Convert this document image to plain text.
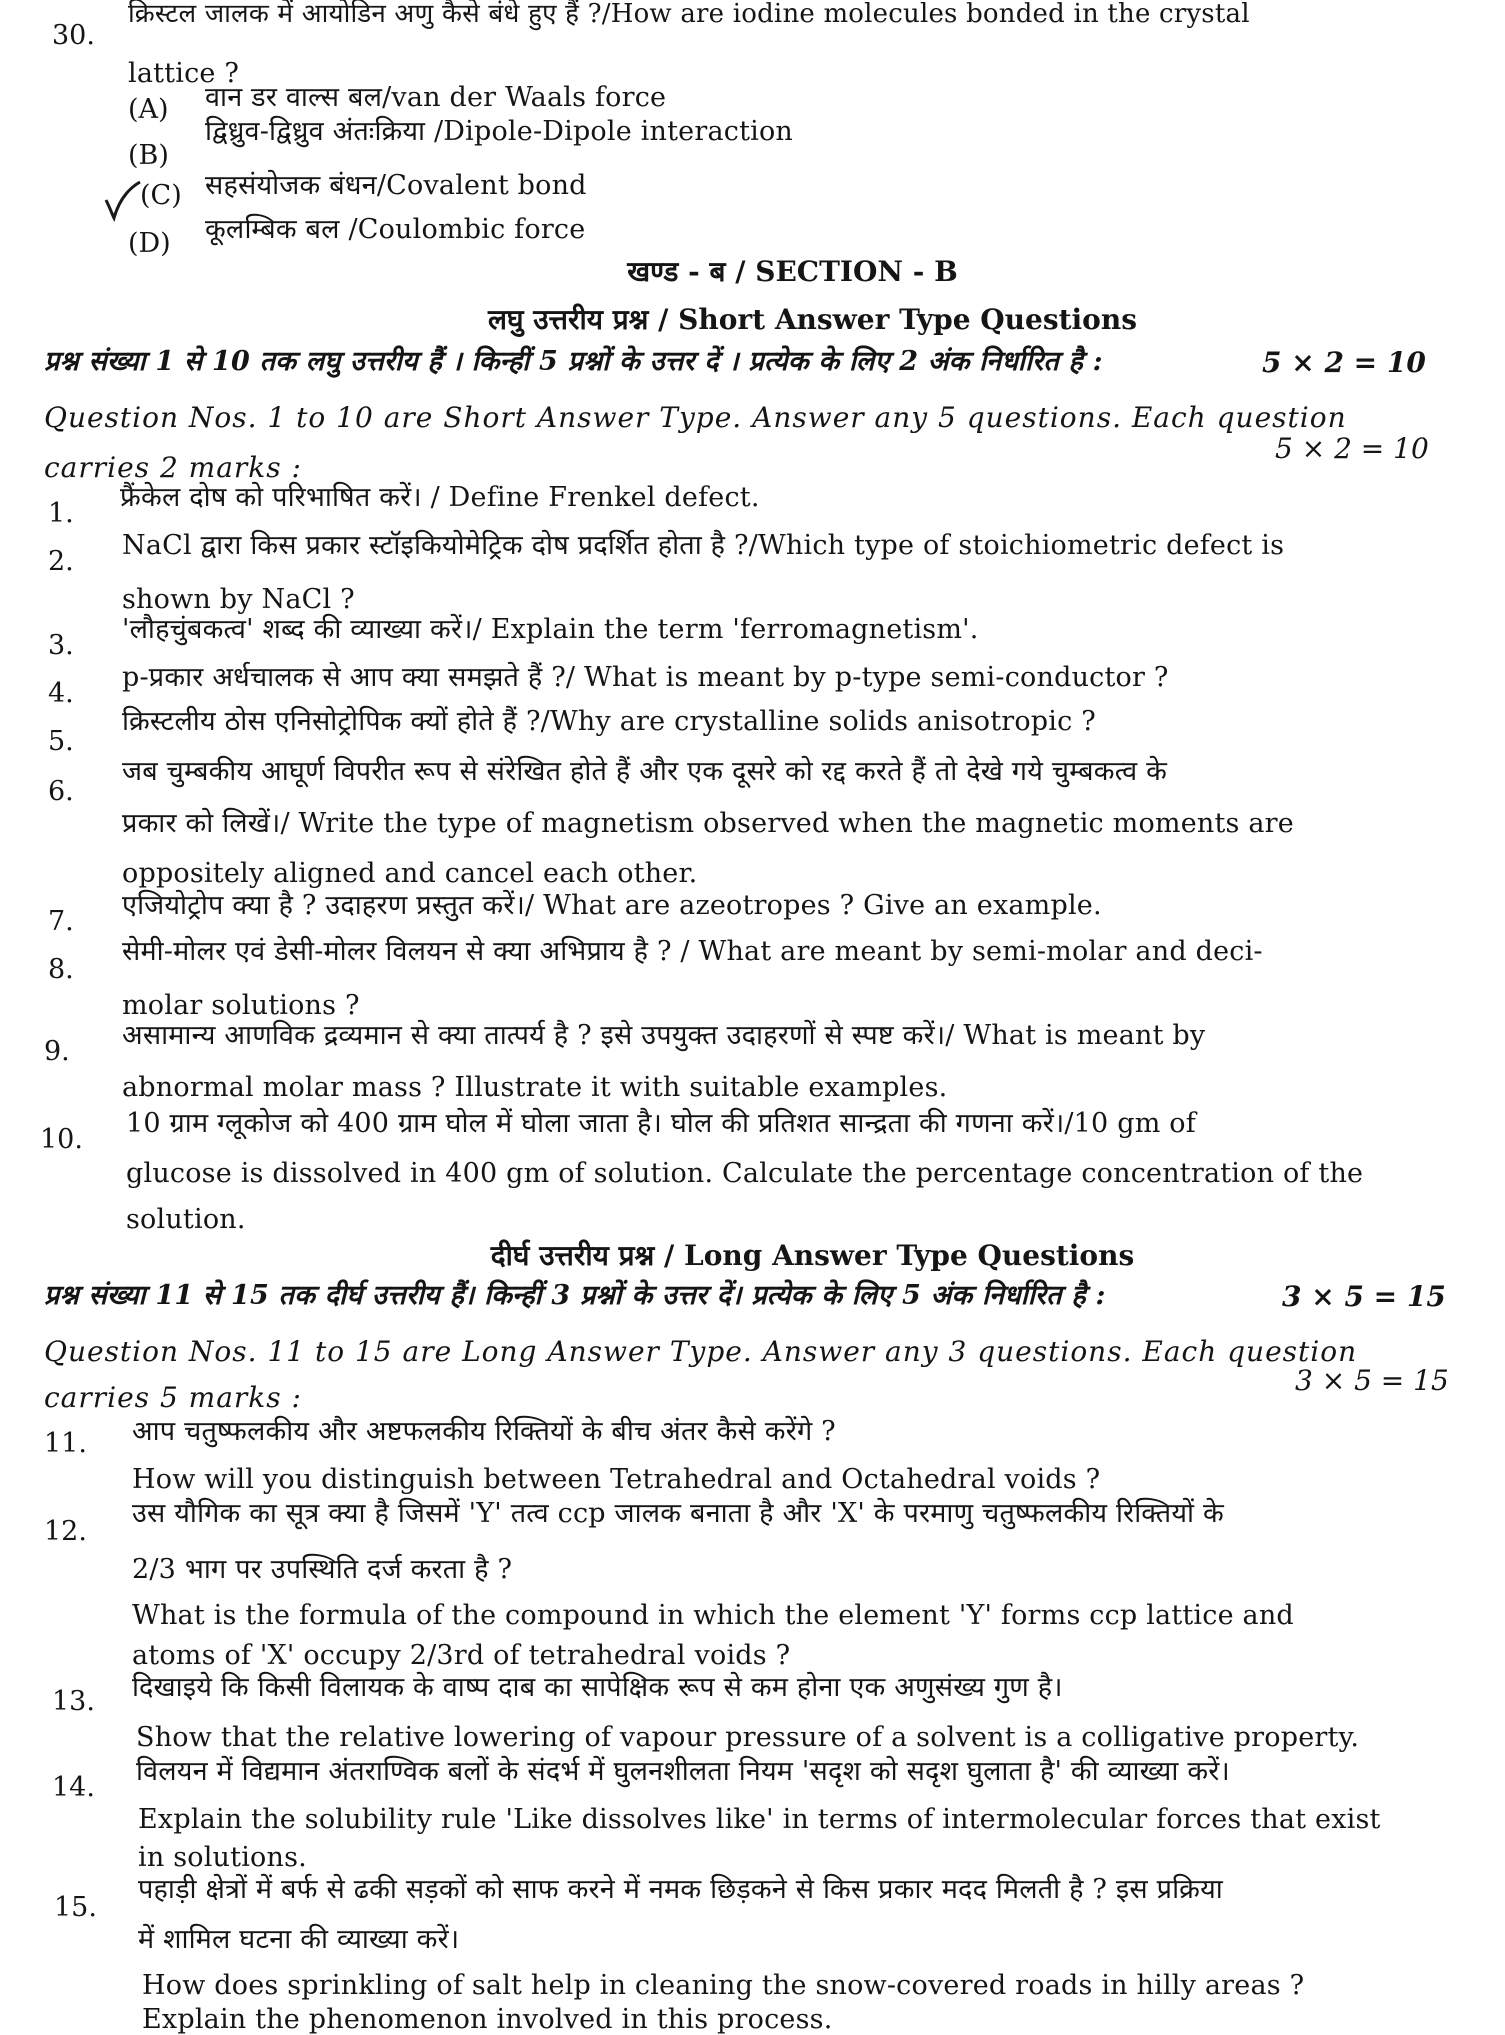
30.
क्रिस्टल जालक में आयोडिन अणु कैसे बंधे हुए हैं ?/How are iodine molecules bonded in the crystal
lattice ?
(A) वान डर वाल्स बल/van der Waals force
(B)
द्विध्रुव-द्विध्रुव अंतःक्रिया /Dipole-Dipole interaction
(C) सहसंयोजक बंधन/Covalent bond
(D) कूलम्बिक बल /Coulombic force
खण्ड - ब / SECTION - B
लघु उत्तरीय प्रश्न / Short Answer Type Questions
प्रश्न संख्या 1 से 10 तक लघु उत्तरीय हैं । किन्हीं 5 प्रश्नों के उत्तर दें । प्रत्येक के लिए 2 अंक निर्धारित है :	5 × 2 = 10
Question Nos. 1 to 10 are Short Answer Type. Answer any 5 questions. Each question
carries 2 marks :
5 × 2 = 10
1.
फ्रैंकेल दोष को परिभाषित करें। / Define Frenkel defect.
2.
NaCl द्वारा किस प्रकार स्टॉइकियोमेट्रिक दोष प्रदर्शित होता है ?/Which type of stoichiometric defect is
shown by NaCl ?
3.
'लौहचुंबकत्व' शब्द की व्याख्या करें।/ Explain the term 'ferromagnetism'.
4.
p-प्रकार अर्धचालक से आप क्या समझते हैं ?/ What is meant by p-type semi-conductor ?
5.
क्रिस्टलीय ठोस एनिसोट्रोपिक क्यों होते हैं ?/Why are crystalline solids anisotropic ?
6.
जब चुम्बकीय आघूर्ण विपरीत रूप से संरेखित होते हैं और एक दूसरे को रद्द करते हैं तो देखे गये चुम्बकत्व के
प्रकार को लिखें।/ Write the type of magnetism observed when the magnetic moments are
oppositely aligned and cancel each other.
7.
एजियोट्रोप क्या है ? उदाहरण प्रस्तुत करें।/ What are azeotropes ? Give an example.
8.
सेमी-मोलर एवं डेसी-मोलर विलयन से क्या अभिप्राय है ? / What are meant by semi-molar and deci-
molar solutions ?
9.
असामान्य आणविक द्रव्यमान से क्या तात्पर्य है ? इसे उपयुक्त उदाहरणों से स्पष्ट करें।/ What is meant by
abnormal molar mass ? Illustrate it with suitable examples.
10.
10 ग्राम ग्लूकोज को 400 ग्राम घोल में घोला जाता है। घोल की प्रतिशत सान्द्रता की गणना करें।/10 gm of
glucose is dissolved in 400 gm of solution. Calculate the percentage concentration of the
solution.
दीर्घ उत्तरीय प्रश्न / Long Answer Type Questions
प्रश्न संख्या 11 से 15 तक दीर्घ उत्तरीय हैं। किन्हीं 3 प्रश्नों के उत्तर दें। प्रत्येक के लिए 5 अंक निर्धारित है :	3 × 5 = 15
Question Nos. 11 to 15 are Long Answer Type. Answer any 3 questions. Each question
carries 5 marks :
3 × 5 = 15
11. आप चतुष्फलकीय और अष्टफलकीय रिक्तियों के बीच अंतर कैसे करेंगे ?
How will you distinguish between Tetrahedral and Octahedral voids ?
12.
उस यौगिक का सूत्र क्या है जिसमें 'Y' तत्व ccp जालक बनाता है और 'X' के परमाणु चतुष्फलकीय रिक्तियों के
2/3 भाग पर उपस्थिति दर्ज करता है ?
What is the formula of the compound in which the element 'Y' forms ccp lattice and
atoms of 'X' occupy 2/3rd of tetrahedral voids ?
13. दिखाइये कि किसी विलायक के वाष्प दाब का सापेक्षिक रूप से कम होना एक अणुसंख्य गुण है।
Show that the relative lowering of vapour pressure of a solvent is a colligative property.
14.
विलयन में विद्यमान अंतराण्विक बलों के संदर्भ में घुलनशीलता नियम 'सदृश को सदृश घुलाता है' की व्याख्या करें।
Explain the solubility rule 'Like dissolves like' in terms of intermolecular forces that exist
in solutions.
15.
पहाड़ी क्षेत्रों में बर्फ से ढकी सड़कों को साफ करने में नमक छिड़कने से किस प्रकार मदद मिलती है ? इस प्रक्रिया
में शामिल घटना की व्याख्या करें।
How does sprinkling of salt help in cleaning the snow-covered roads in hilly areas ?
Explain the phenomenon involved in this process.
